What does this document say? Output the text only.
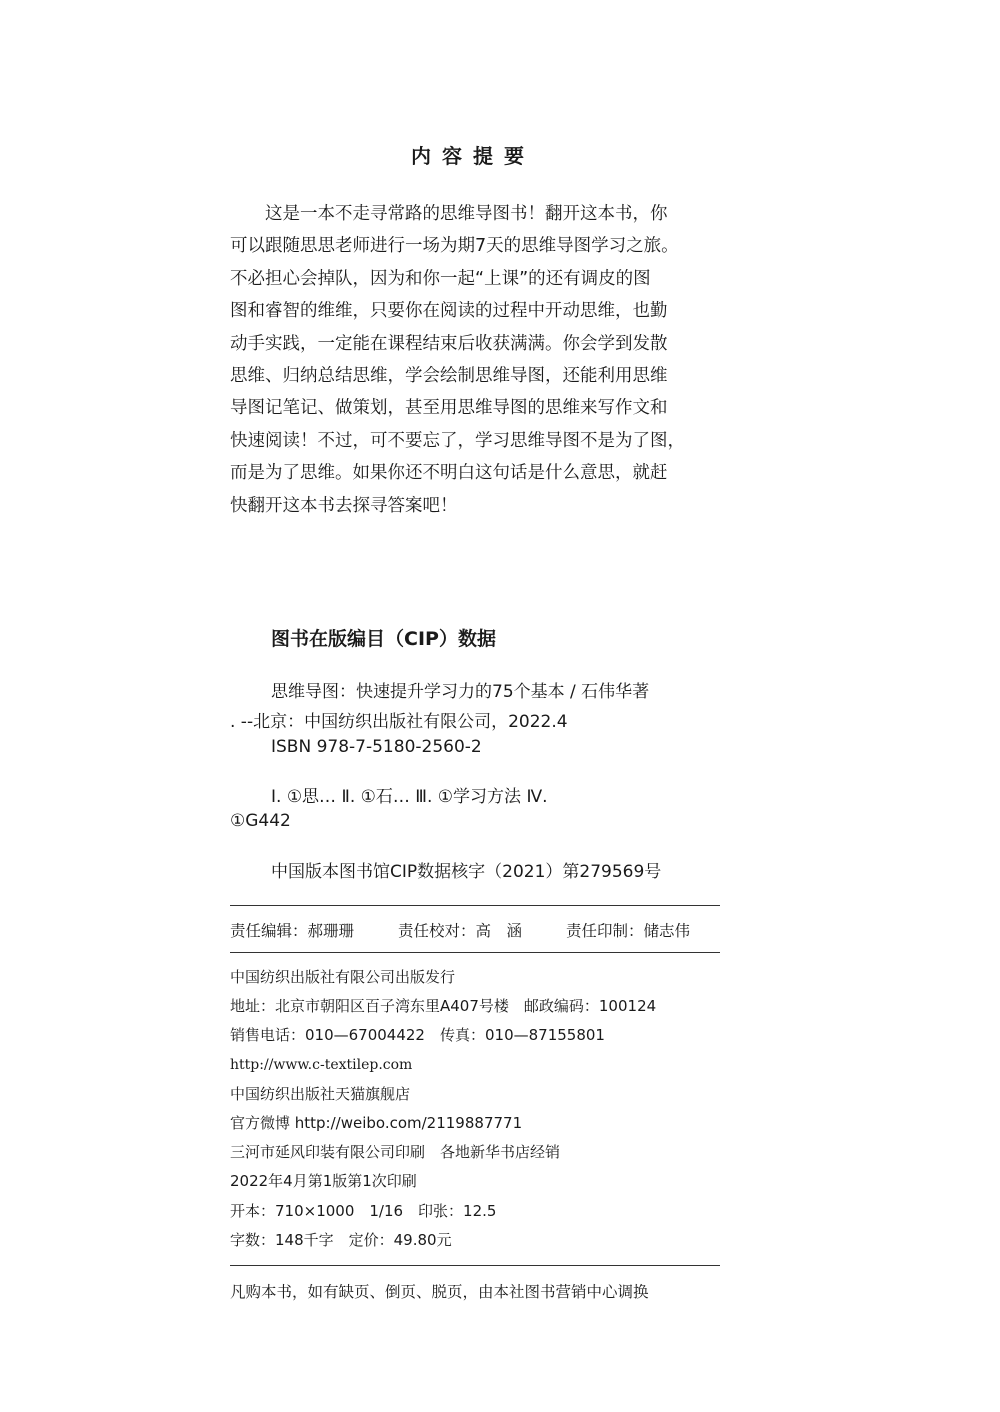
内容提要
　　这是一本不走寻常路的思维导图书！翻开这本书，你
可以跟随思思老师进行一场为期7天的思维导图学习之旅。
不必担心会掉队，因为和你一起“上课”的还有调皮的图
图和睿智的维维，只要你在阅读的过程中开动思维，也勤
动手实践，一定能在课程结束后收获满满。你会学到发散
思维、归纳总结思维，学会绘制思维导图，还能利用思维
导图记笔记、做策划，甚至用思维导图的思维来写作文和
快速阅读！不过，可不要忘了，学习思维导图不是为了图，
而是为了思维。如果你还不明白这句话是什么意思，就赶
快翻开这本书去探寻答案吧！
图书在版编目（CIP）数据
思维导图：快速提升学习力的75个基本 / 石伟华著
. --北京：中国纺织出版社有限公司，2022.4
ISBN 978-7-5180-2560-2
Ⅰ. ①思… Ⅱ. ①石… Ⅲ. ①学习方法 Ⅳ.
①G442
中国版本图书馆CIP数据核字（2021）第279569号
责任编辑：郝珊珊	责任校对：高　涵	责任印制：储志伟
中国纺织出版社有限公司出版发行
地址：北京市朝阳区百子湾东里A407号楼　邮政编码：100124
销售电话：010—67004422　传真：010—87155801
http://www.c-textilep.com
中国纺织出版社天猫旗舰店
官方微博 http://weibo.com/2119887771
三河市延风印装有限公司印刷　各地新华书店经销
2022年4月第1版第1次印刷
开本：710×1000　1/16　印张：12.5
字数：148千字　定价：49.80元
凡购本书，如有缺页、倒页、脱页，由本社图书营销中心调换
